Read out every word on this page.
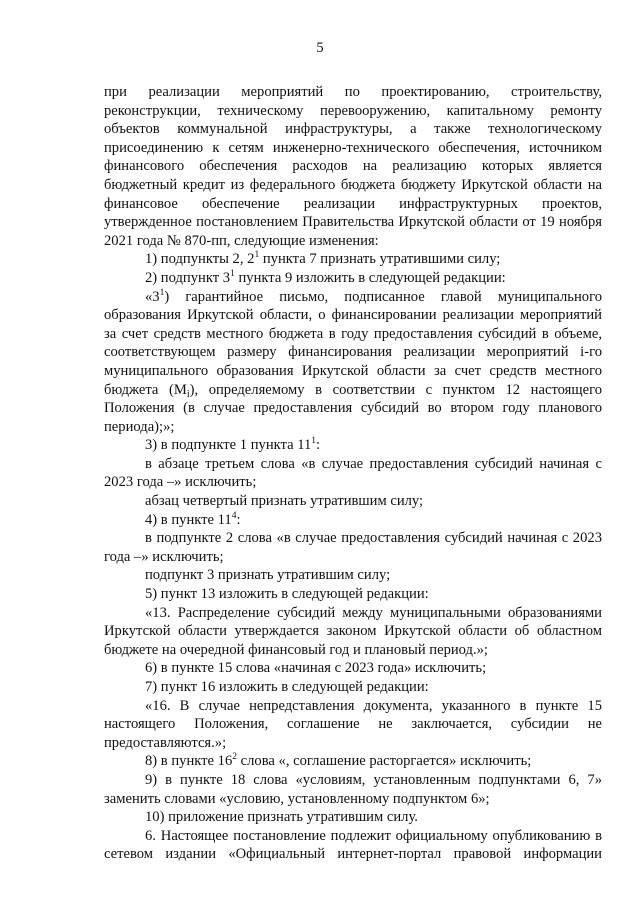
5

при реализации мероприятий по проектированию, строительству, реконструкции, техническому перевооружению, капитальному ремонту объектов коммунальной инфраструктуры, а также технологическому присоединению к сетям инженерно-технического обеспечения, источником финансового обеспечения расходов на реализацию которых является бюджетный кредит из федерального бюджета бюджету Иркутской области на финансовое обеспечение реализации инфраструктурных проектов, утвержденное постановлением Правительства Иркутской области от 19 ноября 2021 года № 870-пп, следующие изменения:

1) подпункты 2, $2^1$ пункта 7 признать утратившими силу;

2) подпункт $3^1$ пункта 9 изложить в следующей редакции:

«$3^1$) гарантийное письмо, подписанное главой муниципального образования Иркутской области, о финансировании реализации мероприятий за счет средств местного бюджета в году предоставления субсидий в объеме, соответствующем размеру финансирования реализации мероприятий i-го муниципального образования Иркутской области за счет средств местного бюджета $(M_i)$, определяемому в соответствии с пунктом 12 настоящего Положения (в случае предоставления субсидий во втором году планового периода);»;

3) в подпункте 1 пункта $11^1$:

в абзаце третьем слова «в случае предоставления субсидий начиная с 2023 года –» исключить;

абзац четвертый признать утратившим силу;

4) в пункте $11^4$:

в подпункте 2 слова «в случае предоставления субсидий начиная с 2023 года –» исключить;

подпункт 3 признать утратившим силу;

5) пункт 13 изложить в следующей редакции:

«13. Распределение субсидий между муниципальными образованиями Иркутской области утверждается законом Иркутской области об областном бюджете на очередной финансовый год и плановый период.»;

6) в пункте 15 слова «начиная с 2023 года» исключить;

7) пункт 16 изложить в следующей редакции:

«16. В случае непредставления документа, указанного в пункте 15 настоящего Положения, соглашение не заключается, субсидии не предоставляются.»;

8) в пункте $16^2$ слова «, соглашение расторгается» исключить;

9) в пункте 18 слова «условиям, установленным подпунктами 6, 7» заменить словами «условию, установленному подпунктом 6»;

10) приложение признать утратившим силу.

6. Настоящее постановление подлежит официальному опубликованию в сетевом издании «Официальный интернет-портал правовой информации
